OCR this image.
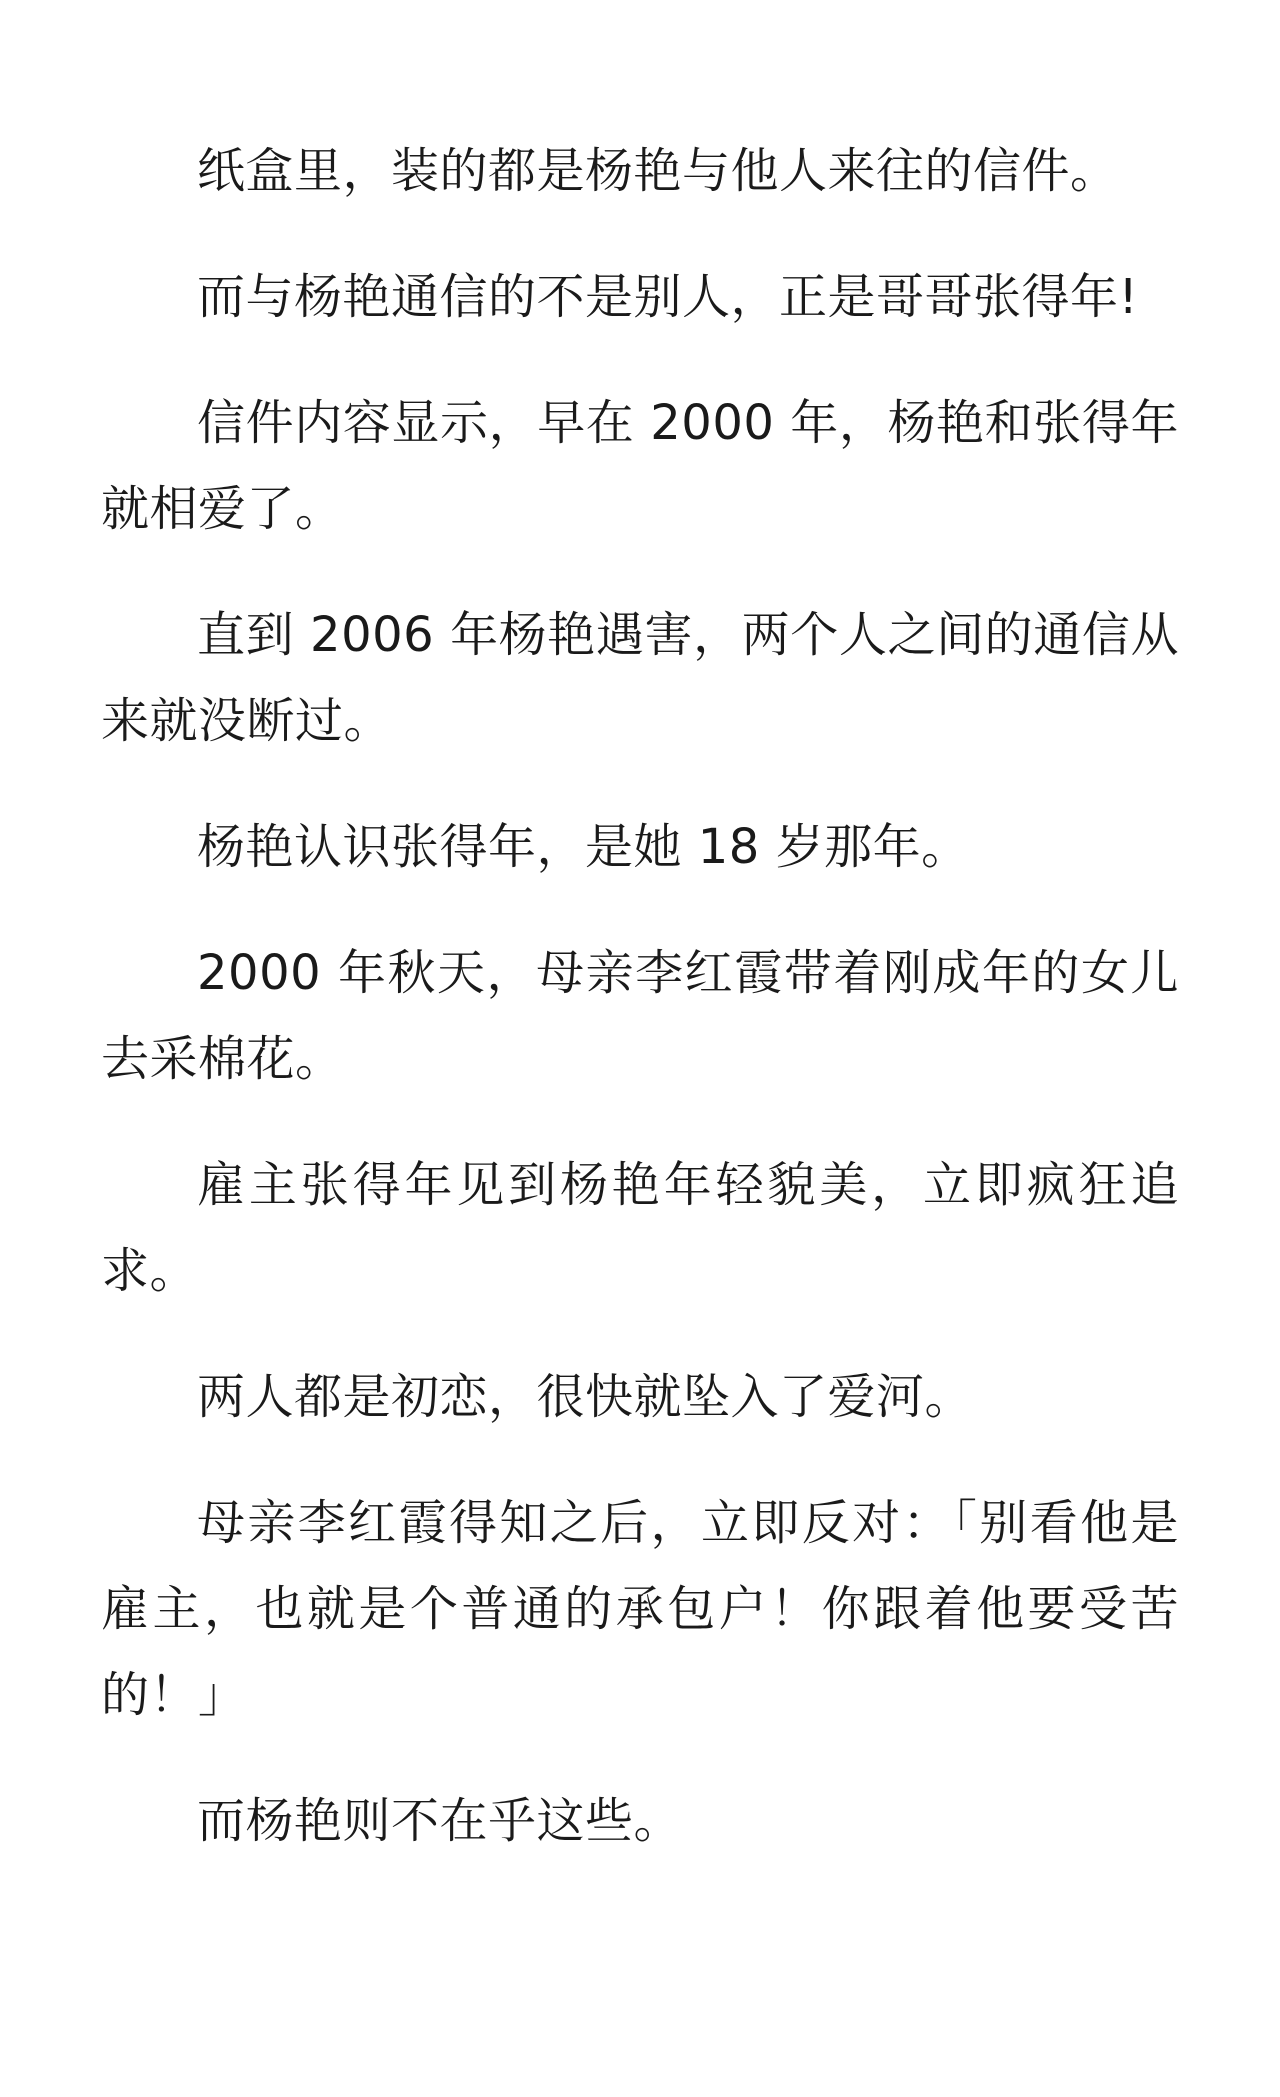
纸盒里，装的都是杨艳与他人来往的信件。

而与杨艳通信的不是别人，正是哥哥张得年!

信件内容显示，早在 2000 年，杨艳和张得年就相爱了。

直到 2006 年杨艳遇害，两个人之间的通信从来就没断过。

杨艳认识张得年，是她 18 岁那年。

2000 年秋天，母亲李红霞带着刚成年的女儿去采棉花。

雇主张得年见到杨艳年轻貌美，立即疯狂追求。

两人都是初恋，很快就坠入了爱河。

母亲李红霞得知之后，立即反对：「别看他是雇主，也就是个普通的承包户！你跟着他要受苦的！」

而杨艳则不在乎这些。
